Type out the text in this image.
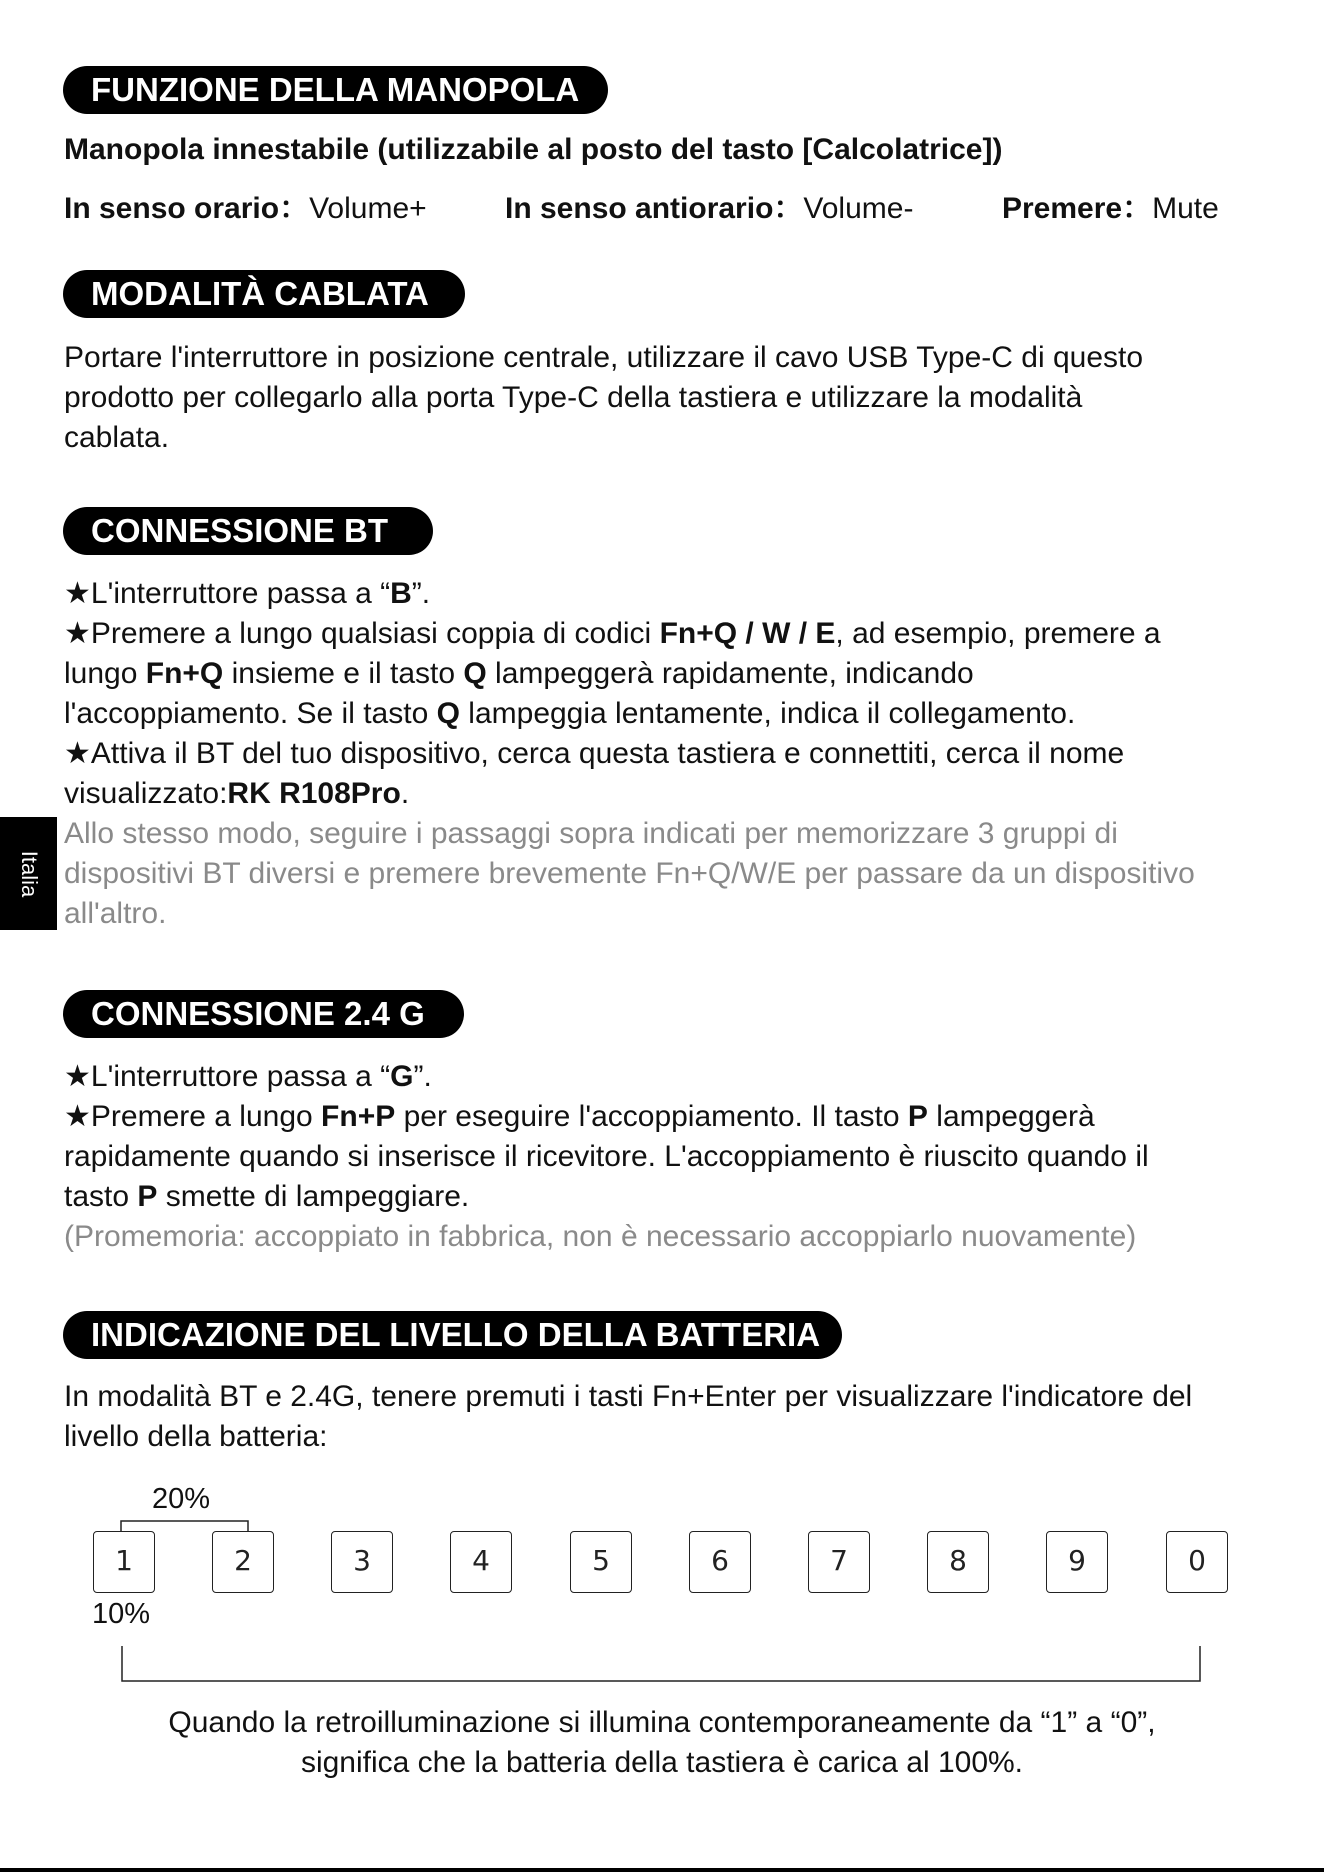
FUNZIONE DELLA MANOPOLA
Manopola innestabile (utilizzabile al posto del tasto [Calcolatrice])
In senso orario：Volume+	In senso antiorario：Volume-	Premere：Mute
MODALITÀ CABLATA
Portare l'interruttore in posizione centrale, utilizzare il cavo USB Type-C di questo
prodotto per collegarlo alla porta Type-C della tastiera e utilizzare la modalità
cablata.
CONNESSIONE BT
★L'interruttore passa a “B”.
★Premere a lungo qualsiasi coppia di codici Fn+Q / W / E, ad esempio, premere a
lungo Fn+Q insieme e il tasto Q lampeggerà rapidamente, indicando
l'accoppiamento. Se il tasto Q lampeggia lentamente, indica il collegamento.
★Attiva il BT del tuo dispositivo, cerca questa tastiera e connettiti, cerca il nome
visualizzato:RK R108Pro.
Allo stesso modo, seguire i passaggi sopra indicati per memorizzare 3 gruppi di
dispositivi BT diversi e premere brevemente Fn+Q/W/E per passare da un dispositivo
all'altro.
Italia
CONNESSIONE 2.4 G
★L'interruttore passa a “G”.
★Premere a lungo Fn+P per eseguire l'accoppiamento. Il tasto P lampeggerà
rapidamente quando si inserisce il ricevitore. L'accoppiamento è riuscito quando il
tasto P smette di lampeggiare.
(Promemoria: accoppiato in fabbrica, non è necessario accoppiarlo nuovamente)
INDICAZIONE DEL LIVELLO DELLA BATTERIA
In modalità BT e 2.4G, tenere premuti i tasti Fn+Enter per visualizzare l'indicatore del
livello della batteria:
20%
1	2	3	4	5	6	7	8	9	0
10%
Quando la retroilluminazione si illumina contemporaneamente da “1” a “0”,
significa che la batteria della tastiera è carica al 100%.
